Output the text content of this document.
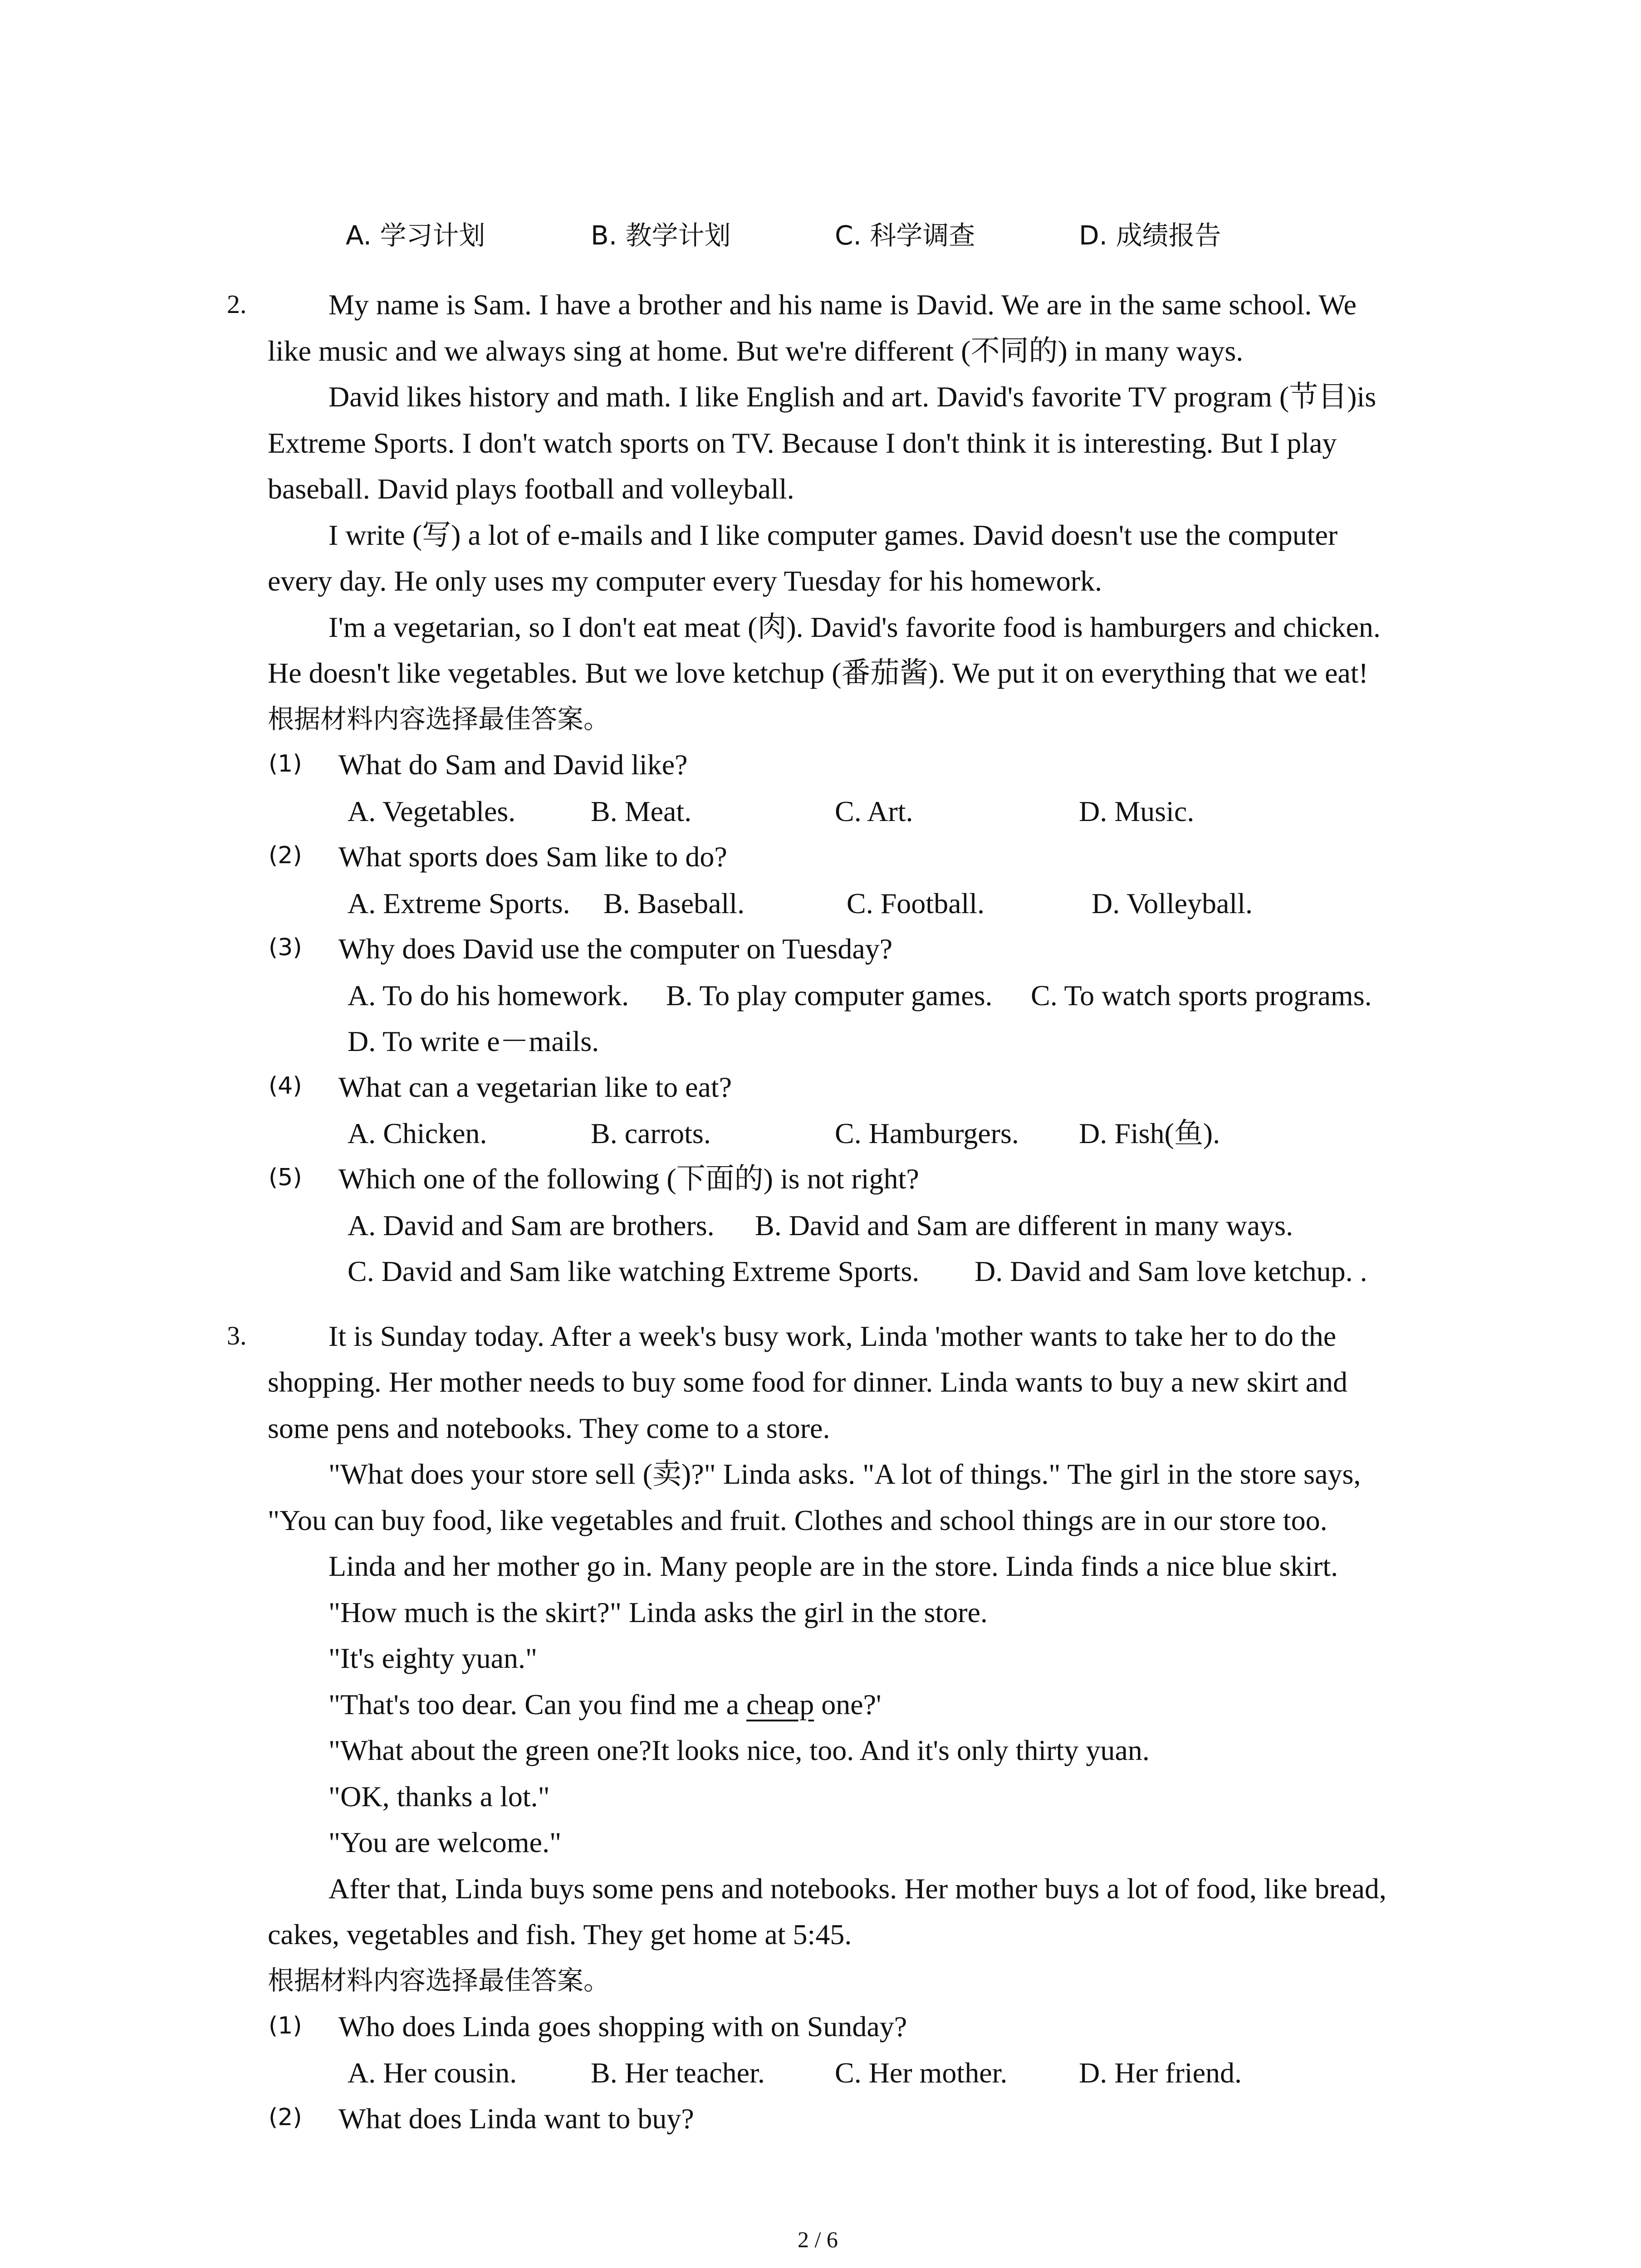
A. 学习计划	B. 教学计划	C. 科学调查	D. 成绩报告
2.	My name is Sam. I have a brother and his name is David. We are in the same school. We
like music and we always sing at home. But we're different (不同的) in many ways.
David likes history and math. I like English and art. David's favorite TV program (节目)is
Extreme Sports. I don't watch sports on TV. Because I don't think it is interesting. But I play
baseball. David plays football and volleyball.
I write (写) a lot of e-mails and I like computer games. David doesn't use the computer
every day. He only uses my computer every Tuesday for his homework.
I'm a vegetarian, so I don't eat meat (肉). David's favorite food is hamburgers and chicken.
He doesn't like vegetables. But we love ketchup (番茄酱). We put it on everything that we eat!
根据材料内容选择最佳答案。
(1) What do Sam and David like?
A. Vegetables.	B. Meat.	C. Art.	D. Music.
(2) What sports does Sam like to do?
A. Extreme Sports. B. Baseball.	C. Football.	D. Volleyball.
(3) Why does David use the computer on Tuesday?
A. To do his homework. B. To play computer games. C. To watch sports programs.
D. To write e－mails.
(4) What can a vegetarian like to eat?
A. Chicken.	B. carrots.	C. Hamburgers. D. Fish(鱼).
(5) Which one of the following (下面的) is not right?
A. David and Sam are brothers. B. David and Sam are different in many ways.
C. David and Sam like watching Extreme Sports. D. David and Sam love ketchup. .
3.	It is Sunday today. After a week's busy work, Linda 'mother wants to take her to do the
shopping. Her mother needs to buy some food for dinner. Linda wants to buy a new skirt and
some pens and notebooks. They come to a store.
"What does your store sell (卖)?" Linda asks. "A lot of things." The girl in the store says,
"You can buy food, like vegetables and fruit. Clothes and school things are in our store too.
Linda and her mother go in. Many people are in the store. Linda finds a nice blue skirt.
"How much is the skirt?" Linda asks the girl in the store.
"It's eighty yuan."
"That's too dear. Can you find me a cheap one?'
"What about the green one?It looks nice, too. And it's only thirty yuan.
"OK, thanks a lot."
"You are welcome."
After that, Linda buys some pens and notebooks. Her mother buys a lot of food, like bread,
cakes, vegetables and fish. They get home at 5:45.
根据材料内容选择最佳答案。
(1) Who does Linda goes shopping with on Sunday?
A. Her cousin.	B. Her teacher. C. Her mother. D. Her friend.
(2) What does Linda want to buy?
2 / 6
